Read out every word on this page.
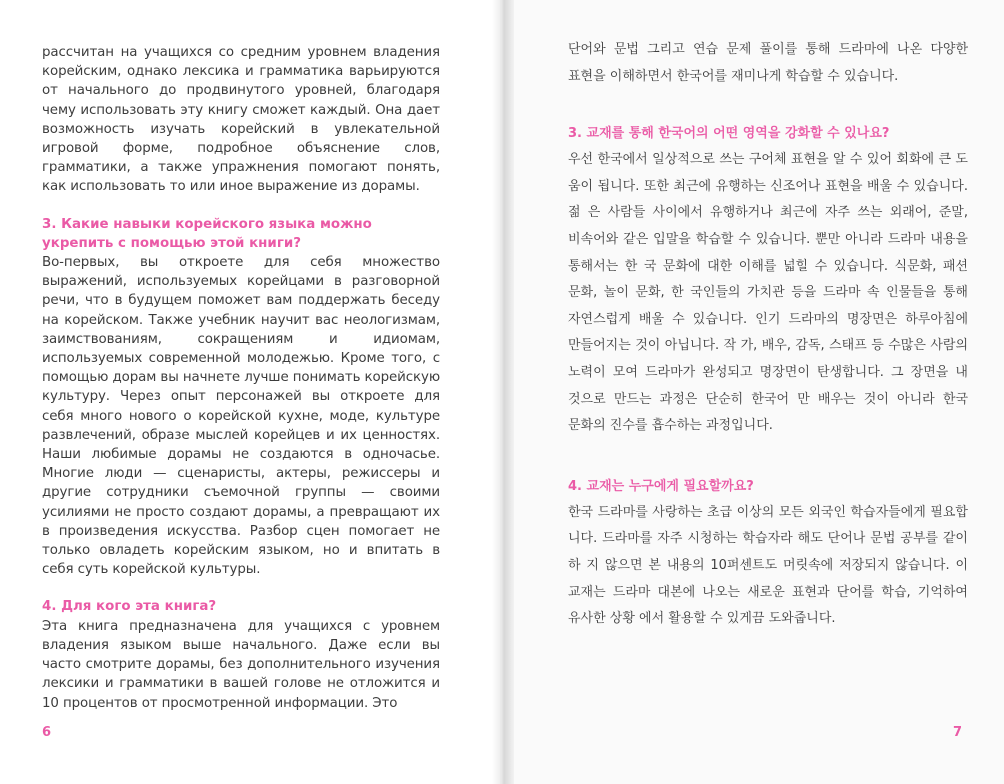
рассчитан на учащихся со средним уровнем владения корейским, однако лексика и грамматика варьируются от начального до продвинутого уровней, благодаря чему использовать эту книгу сможет каждый. Она дает возможность изучать корейский в увлекательной игровой форме, подробное объяснение слов, грамматики, а также упражнения помогают понять, как использовать то или иное выражение из дорамы.

3. Какие навыки корейского языка можно укрепить с помощью этой книги?

Во-первых, вы откроете для себя множество выражений, используемых корейцами в разговорной речи, что в будущем поможет вам поддержать беседу на корейском. Также учебник научит вас неологизмам, заимствованиям, сокращениям и идиомам, используемых современной молодежью. Кроме того, с помощью дорам вы начнете лучше понимать корейскую культуру. Через опыт персонажей вы откроете для себя много нового о корейской кухне, моде, культуре развлечений, образе мыслей корейцев и их ценностях. Наши любимые дорамы не создаются в одночасье. Многие люди — сценаристы, актеры, режиссеры и другие сотрудники съемочной группы — своими усилиями не просто создают дорамы, а превращают их в произведения искусства. Разбор сцен помогает не только овладеть корейским языком, но и впитать в себя суть корейской культуры.

4. Для кого эта книга?

Эта книга предназначена для учащихся с уровнем владения языком выше начального. Даже если вы часто смотрите дорамы, без дополнительного изучения лексики и грамматики в вашей голове не отложится и 10 процентов от просмотренной информации. Это

6

단어와 문법 그리고 연습 문제 풀이를 통해 드라마에 나온 다양한 표현을 이해하면서 한국어를 재미나게 학습할 수 있습니다.

3. 교재를 통해 한국어의 어떤 영역을 강화할 수 있나요?

우선 한국에서 일상적으로 쓰는 구어체 표현을 알 수 있어 회화에 큰 도 움이 됩니다. 또한 최근에 유행하는 신조어나 표현을 배울 수 있습니다. 젊 은 사람들 사이에서 유행하거나 최근에 자주 쓰는 외래어, 준말, 비속어와 같은 입말을 학습할 수 있습니다. 뿐만 아니라 드라마 내용을 통해서는 한 국 문화에 대한 이해를 넓힐 수 있습니다. 식문화, 패션 문화, 놀이 문화, 한 국인들의 가치관 등을 드라마 속 인물들을 통해 자연스럽게 배울 수 있습니다. 인기 드라마의 명장면은 하루아침에 만들어지는 것이 아닙니다. 작 가, 배우, 감독, 스태프 등 수많은 사람의 노력이 모여 드라마가 완성되고 명장면이 탄생합니다. 그 장면을 내 것으로 만드는 과정은 단순히 한국어 만 배우는 것이 아니라 한국 문화의 진수를 흡수하는 과정입니다.

4. 교재는 누구에게 필요할까요?

한국 드라마를 사랑하는 초급 이상의 모든 외국인 학습자들에게 필요합 니다. 드라마를 자주 시청하는 학습자라 해도 단어나 문법 공부를 같이 하 지 않으면 본 내용의 10퍼센트도 머릿속에 저장되지 않습니다. 이 교재는 드라마 대본에 나오는 새로운 표현과 단어를 학습, 기억하여 유사한 상황 에서 활용할 수 있게끔 도와줍니다.

7
